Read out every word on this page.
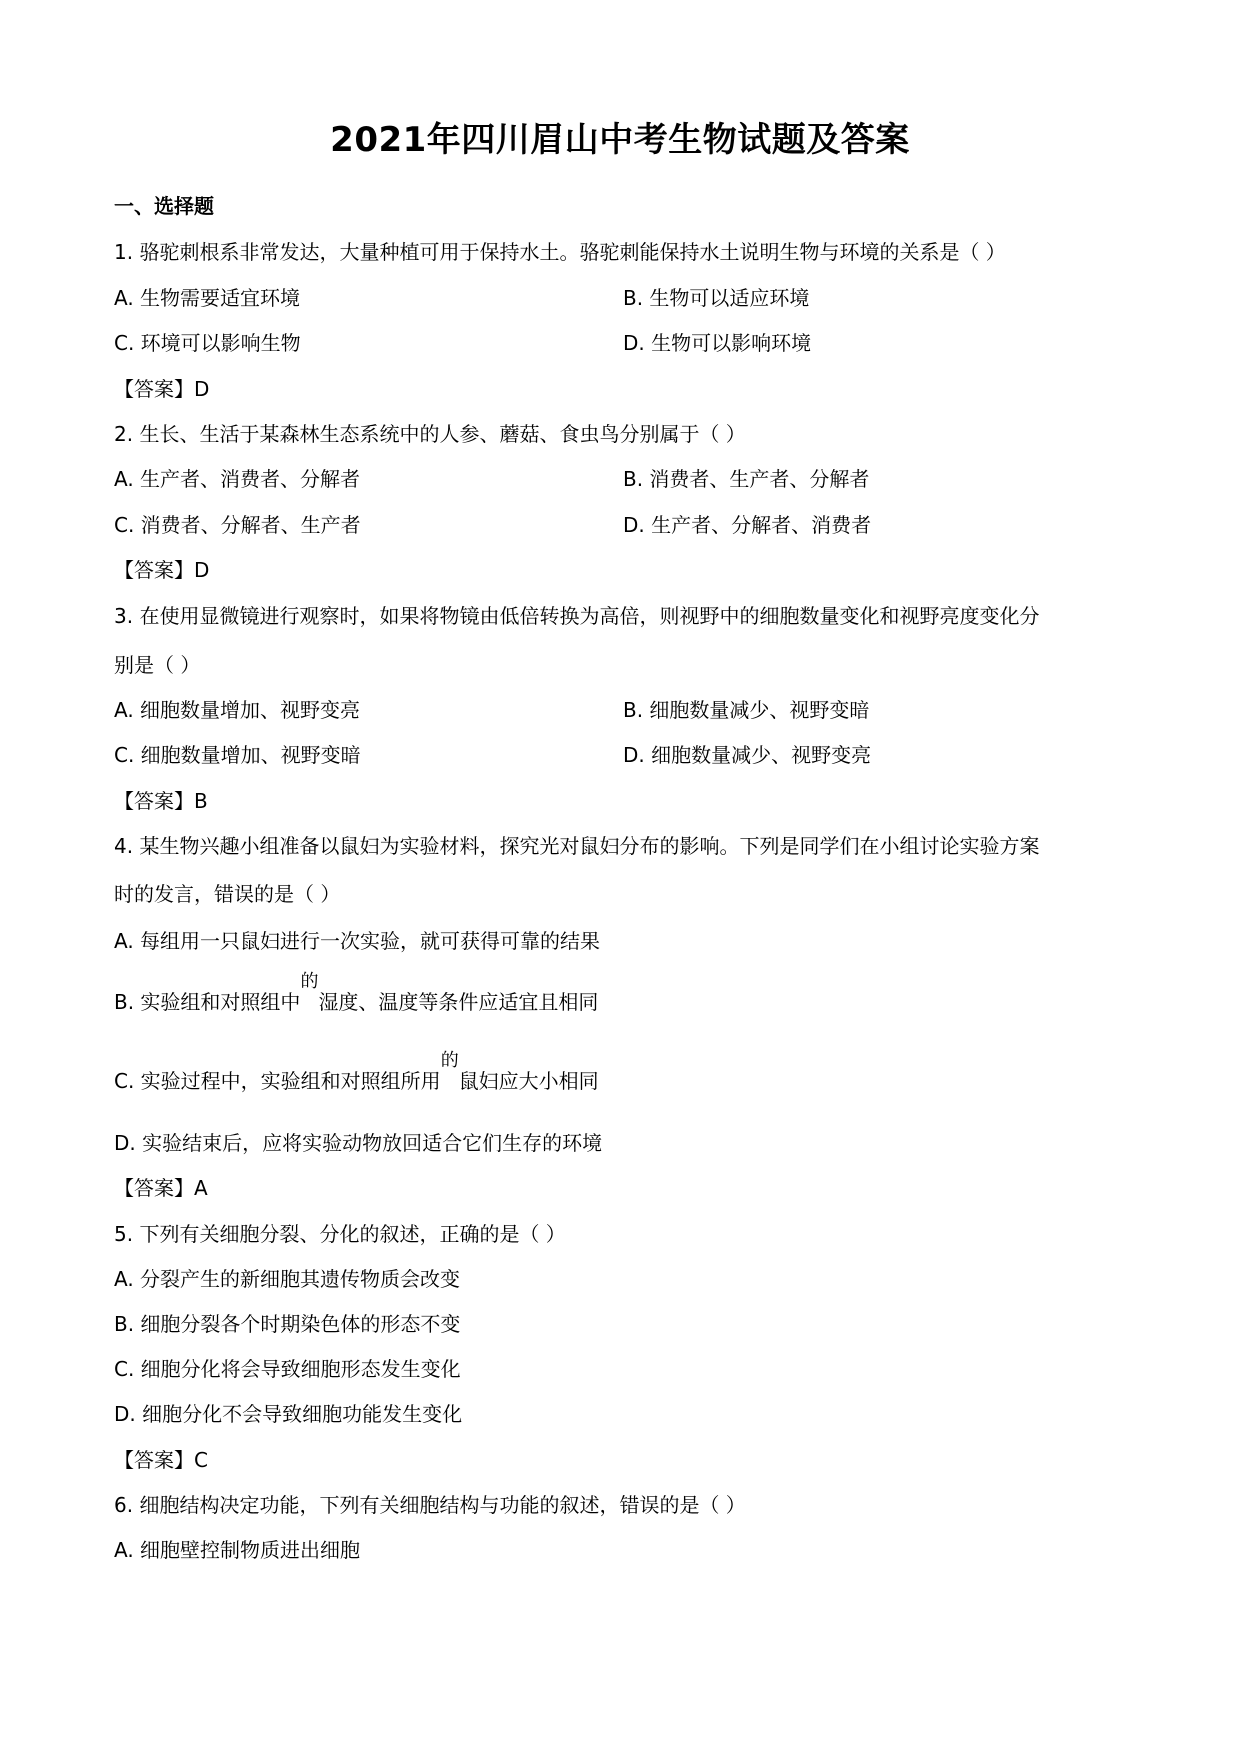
2021年四川眉山中考生物试题及答案
一、选择题
1. 骆驼刺根系非常发达，大量种植可用于保持水土。骆驼刺能保持水土说明生物与环境的关系是（ ）
A. 生物需要适宜环境	B. 生物可以适应环境
C. 环境可以影响生物	D. 生物可以影响环境
【答案】D
2. 生长、生活于某森林生态系统中的人参、蘑菇、食虫鸟分别属于（ ）
A. 生产者、消费者、分解者	B. 消费者、生产者、分解者
C. 消费者、分解者、生产者	D. 生产者、分解者、消费者
【答案】D
3. 在使用显微镜进行观察时，如果将物镜由低倍转换为高倍，则视野中的细胞数量变化和视野亮度变化分
别是（ ）
A. 细胞数量增加、视野变亮	B. 细胞数量减少、视野变暗
C. 细胞数量增加、视野变暗	D. 细胞数量减少、视野变亮
【答案】B
4. 某生物兴趣小组准备以鼠妇为实验材料，探究光对鼠妇分布的影响。下列是同学们在小组讨论实验方案
时的发言，错误的是（ ）
A. 每组用一只鼠妇进行一次实验，就可获得可靠的结果
B. 实验组和对照组中的湿度、温度等条件应适宜且相同
C. 实验过程中，实验组和对照组所用的鼠妇应大小相同
D. 实验结束后，应将实验动物放回适合它们生存的环境
【答案】A
5. 下列有关细胞分裂、分化的叙述，正确的是（ ）
A. 分裂产生的新细胞其遗传物质会改变
B. 细胞分裂各个时期染色体的形态不变
C. 细胞分化将会导致细胞形态发生变化
D. 细胞分化不会导致细胞功能发生变化
【答案】C
6. 细胞结构决定功能，下列有关细胞结构与功能的叙述，错误的是（ ）
A. 细胞壁控制物质进出细胞
